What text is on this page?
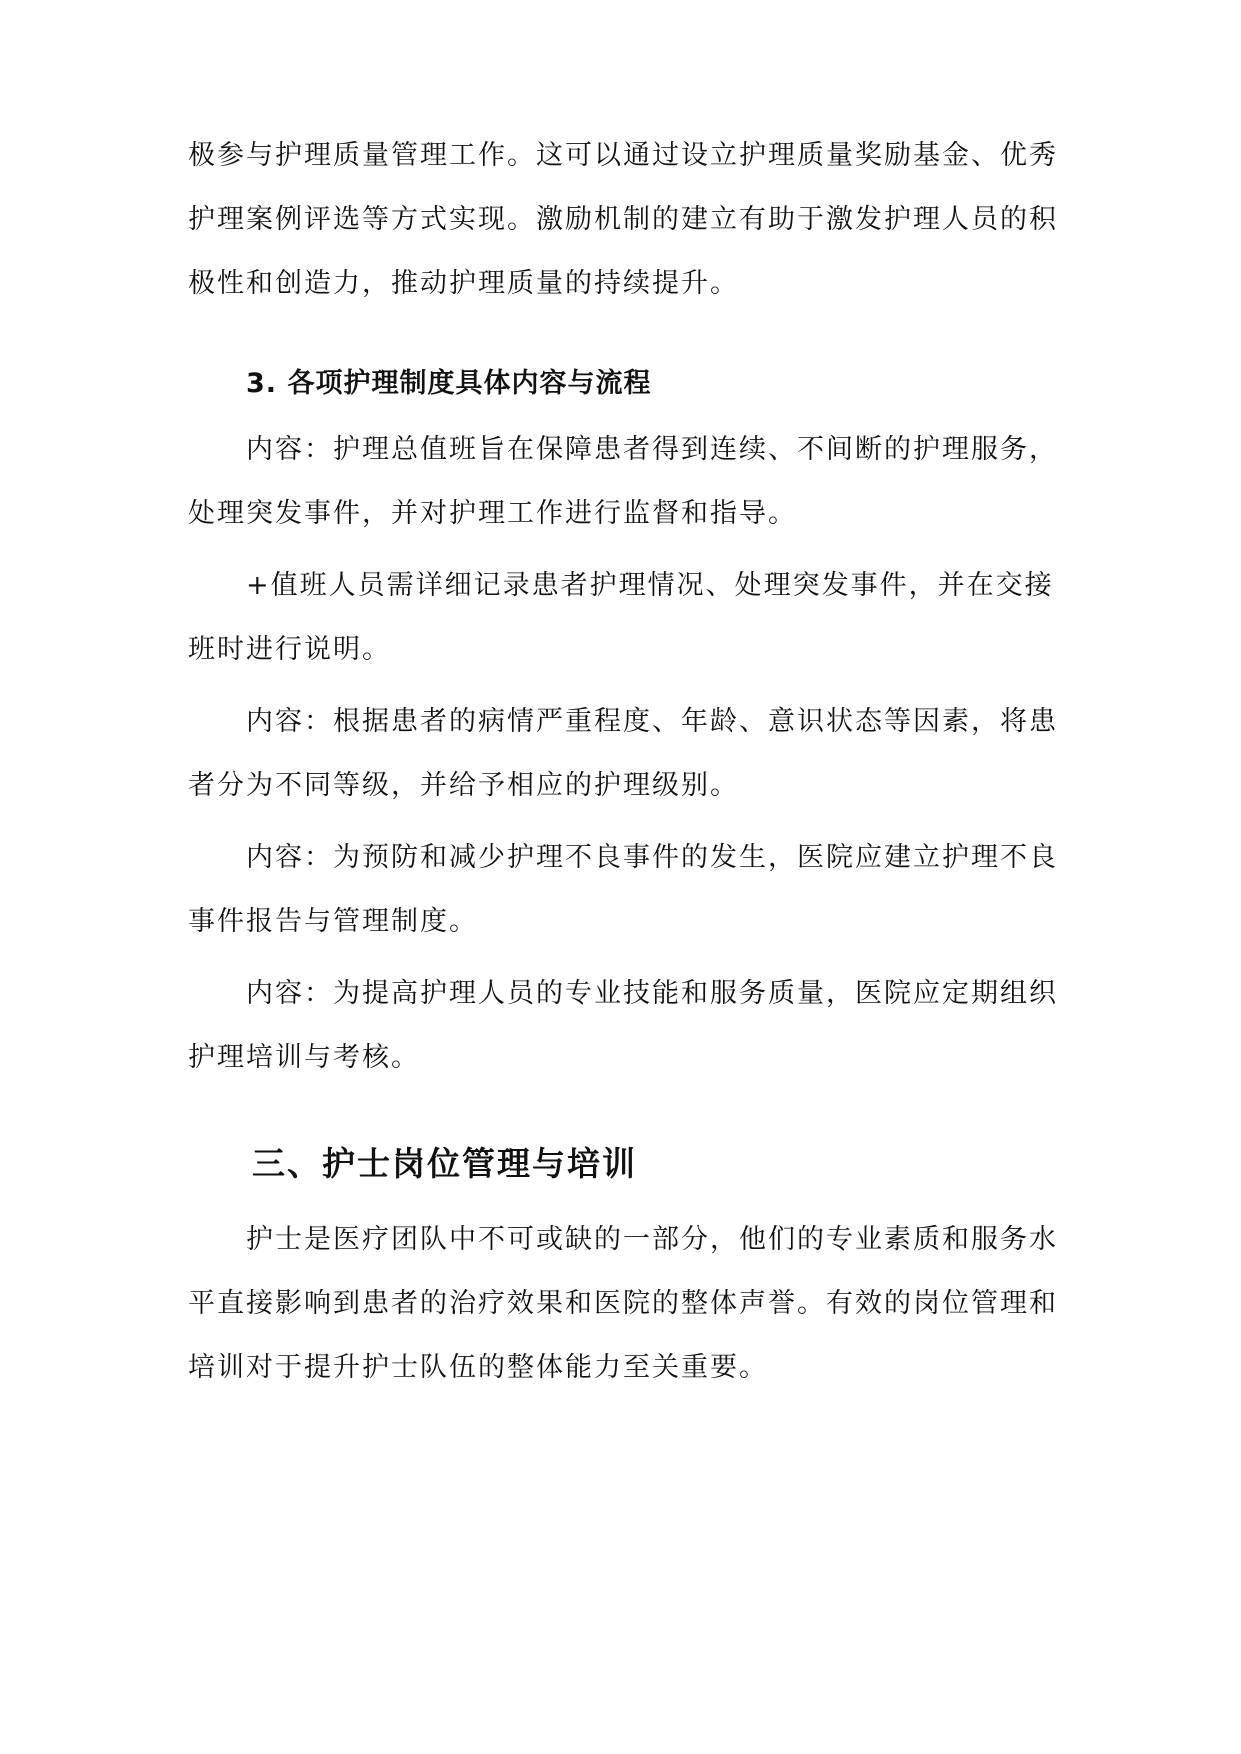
极参与护理质量管理工作。这可以通过设立护理质量奖励基金、优秀
护理案例评选等方式实现。激励机制的建立有助于激发护理人员的积
极性和创造力，推动护理质量的持续提升。
3. 各项护理制度具体内容与流程
内容：护理总值班旨在保障患者得到连续、不间断的护理服务，
处理突发事件，并对护理工作进行监督和指导。
+值班人员需详细记录患者护理情况、处理突发事件，并在交接
班时进行说明。
内容：根据患者的病情严重程度、年龄、意识状态等因素，将患
者分为不同等级，并给予相应的护理级别。
内容：为预防和减少护理不良事件的发生，医院应建立护理不良
事件报告与管理制度。
内容：为提高护理人员的专业技能和服务质量，医院应定期组织
护理培训与考核。
三、护士岗位管理与培训
护士是医疗团队中不可或缺的一部分，他们的专业素质和服务水
平直接影响到患者的治疗效果和医院的整体声誉。有效的岗位管理和
培训对于提升护士队伍的整体能力至关重要。
